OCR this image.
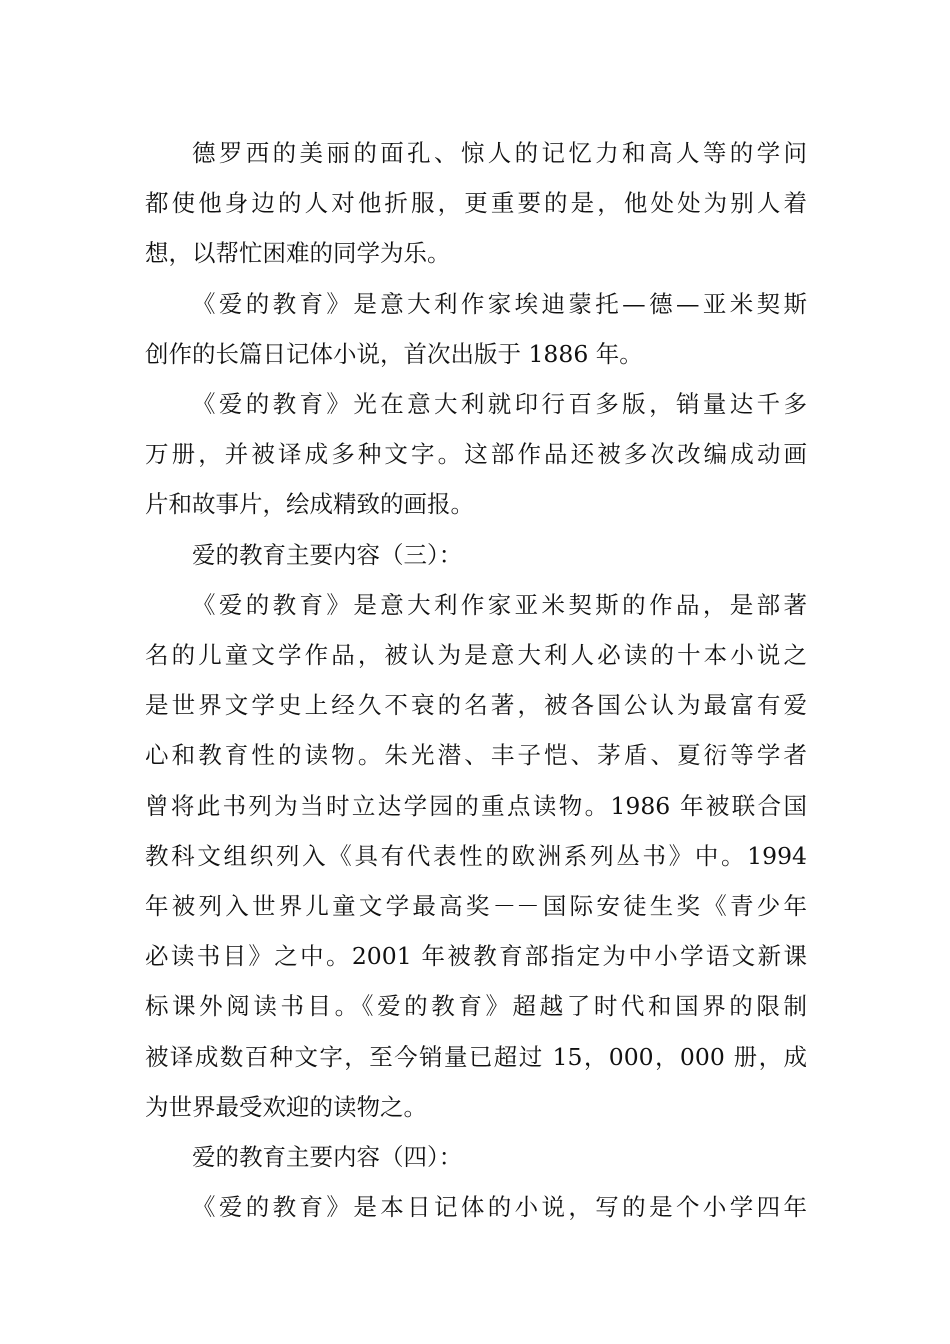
德罗西的美丽的面孔、惊人的记忆力和高人等的学问
都使他身边的人对他折服，更重要的是，他处处为别人着
想，以帮忙困难的同学为乐。

《爱的教育》是意大利作家埃迪蒙托—德—亚米契斯
创作的长篇日记体小说，首次出版于 1886 年。

《爱的教育》光在意大利就印行百多版，销量达千多
万册，并被译成多种文字。这部作品还被多次改编成动画
片和故事片，绘成精致的画报。

爱的教育主要内容（三）：

《爱的教育》是意大利作家亚米契斯的作品，是部著
名的儿童文学作品，被认为是意大利人必读的十本小说之
是世界文学史上经久不衰的名著，被各国公认为最富有爱
心和教育性的读物。朱光潜、丰子恺、茅盾、夏衍等学者
曾将此书列为当时立达学园的重点读物。1986 年被联合国
教科文组织列入《具有代表性的欧洲系列丛书》中。1994
年被列入世界儿童文学最高奖－－国际安徒生奖《青少年
必读书目》之中。2001 年被教育部指定为中小学语文新课
标课外阅读书目。《爱的教育》超越了时代和国界的限制
被译成数百种文字，至今销量已超过 15，000，000 册，成
为世界最受欢迎的读物之。

爱的教育主要内容（四）：

《爱的教育》是本日记体的小说，写的是个小学四年
